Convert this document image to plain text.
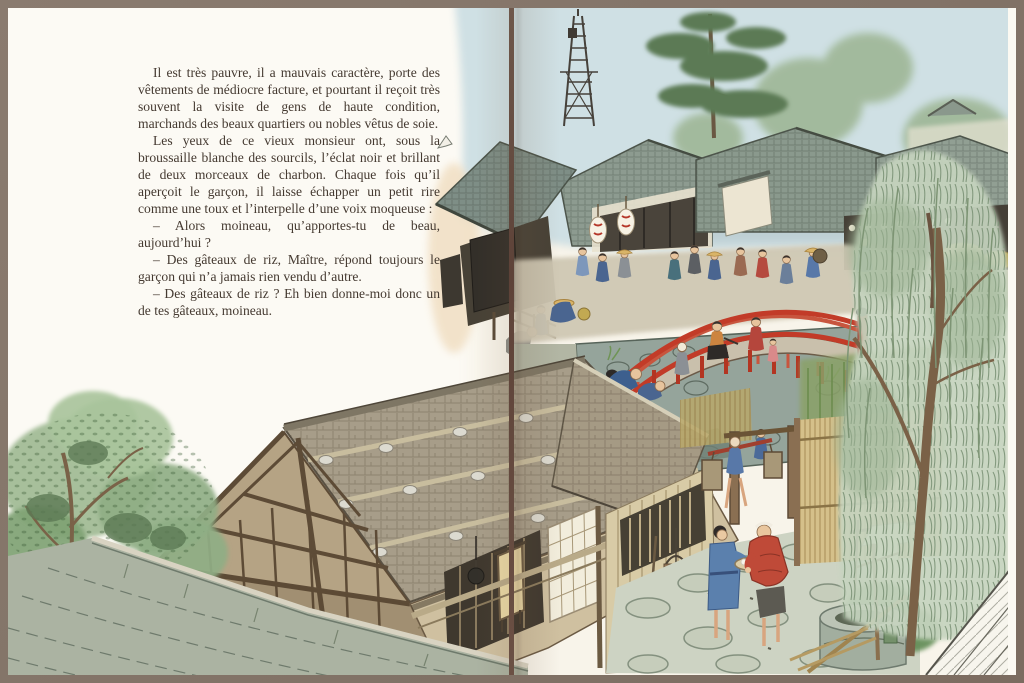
Il est très pauvre, il a mauvais caractère, porte des vêtements de médiocre facture, et pourtant il reçoit très souvent la visite de gens de haute condition, marchands des beaux quartiers ou nobles vêtus de soie.

Les yeux de ce vieux monsieur ont, sous la broussaille blanche des sourcils, l’éclat noir et brillant de deux morceaux de charbon. Chaque fois qu’il aperçoit le garçon, il laisse échapper un petit rire comme une toux et l’interpelle d’une voix moqueuse :

– Alors moineau, qu’apportes-tu de beau, aujourd’hui ?

– Des gâteaux de riz, Maître, répond toujours le garçon qui n’a jamais rien vendu d’autre.

– Des gâteaux de riz ? Eh bien donne-moi donc un de tes gâteaux, moineau.
